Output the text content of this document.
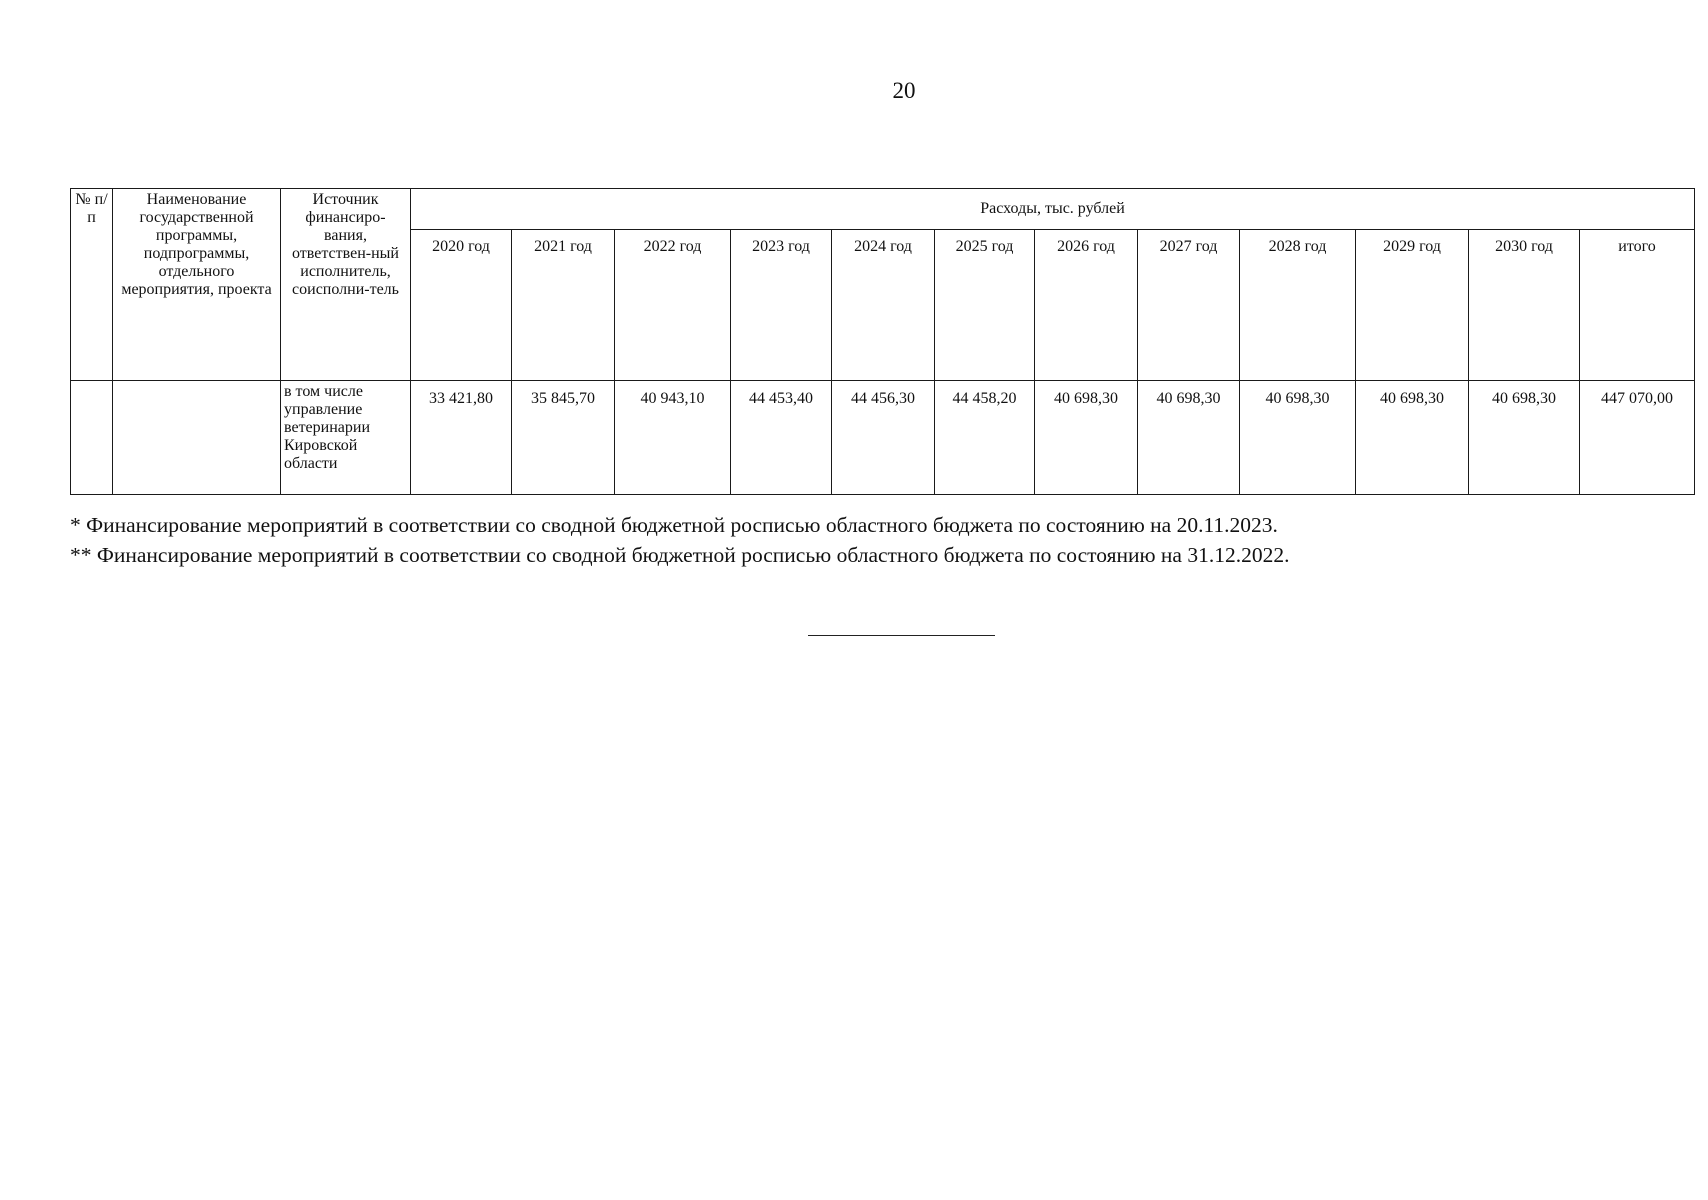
20
№ п/п	Наименование государственной программы, подпрограммы, отдельного мероприятия, проекта	Источник финансиро-вания, ответствен-ный исполнитель, соисполни-тель	Расходы, тыс. рублей											
			2020 год	2021 год	2022 год	2023 год	2024 год	2025 год	2026 год	2027 год	2028 год	2029 год	2030 год	итого
		в том числе управление ветеринарии Кировской области	33 421,80	35 845,70	40 943,10	44 453,40	44 456,30	44 458,20	40 698,30	40 698,30	40 698,30	40 698,30	40 698,30	447 070,00

* Финансирование мероприятий в соответствии со сводной бюджетной росписью областного бюджета по состоянию на 20.11.2023.

** Финансирование мероприятий в соответствии со сводной бюджетной росписью областного бюджета по состоянию на 31.12.2022.
